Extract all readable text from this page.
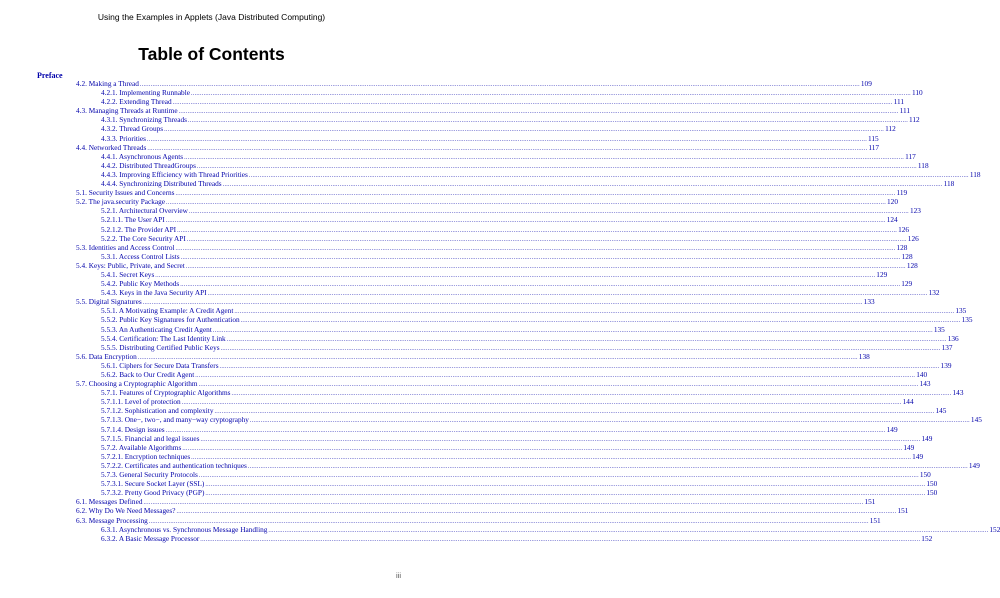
Using the Examples in Applets (Java Distributed Computing)
Table of Contents
Preface
4.2. Making a Thread ................................................................................................................................................................................................................................................................................................................................................................................................................ 109
4.2.1. Implementing Runnable ................................................................................................................................................................................................................................................................................................................................................................................................................ 110
4.2.2. Extending Thread ................................................................................................................................................................................................................................................................................................................................................................................................................ 111
4.3. Managing Threads at Runtime ................................................................................................................................................................................................................................................................................................................................................................................................................ 111
4.3.1. Synchronizing Threads ................................................................................................................................................................................................................................................................................................................................................................................................................ 112
4.3.2. Thread Groups ................................................................................................................................................................................................................................................................................................................................................................................................................ 112
4.3.3. Priorities ................................................................................................................................................................................................................................................................................................................................................................................................................ 115
4.4. Networked Threads ................................................................................................................................................................................................................................................................................................................................................................................................................ 117
4.4.1. Asynchronous Agents ................................................................................................................................................................................................................................................................................................................................................................................................................ 117
4.4.2. Distributed ThreadGroups ................................................................................................................................................................................................................................................................................................................................................................................................................ 118
4.4.3. Improving Efficiency with Thread Priorities ................................................................................................................................................................................................................................................................................................................................................................................................................ 118
4.4.4. Synchronizing Distributed Threads ................................................................................................................................................................................................................................................................................................................................................................................................................ 118
5.1. Security Issues and Concerns ................................................................................................................................................................................................................................................................................................................................................................................................................ 119
5.2. The java.security Package ................................................................................................................................................................................................................................................................................................................................................................................................................ 120
5.2.1. Architectural Overview ................................................................................................................................................................................................................................................................................................................................................................................................................ 123
5.2.1.1. The User API ................................................................................................................................................................................................................................................................................................................................................................................................................ 124
5.2.1.2. The Provider API ................................................................................................................................................................................................................................................................................................................................................................................................................ 126
5.2.2. The Core Security API ................................................................................................................................................................................................................................................................................................................................................................................................................ 126
5.3. Identities and Access Control ................................................................................................................................................................................................................................................................................................................................................................................................................ 128
5.3.1. Access Control Lists ................................................................................................................................................................................................................................................................................................................................................................................................................ 128
5.4. Keys: Public, Private, and Secret ................................................................................................................................................................................................................................................................................................................................................................................................................ 128
5.4.1. Secret Keys ................................................................................................................................................................................................................................................................................................................................................................................................................ 129
5.4.2. Public Key Methods ................................................................................................................................................................................................................................................................................................................................................................................................................ 129
5.4.3. Keys in the Java Security API ................................................................................................................................................................................................................................................................................................................................................................................................................ 132
5.5. Digital Signatures ................................................................................................................................................................................................................................................................................................................................................................................................................ 133
5.5.1. A Motivating Example: A Credit Agent ................................................................................................................................................................................................................................................................................................................................................................................................................ 135
5.5.2. Public Key Signatures for Authentication ................................................................................................................................................................................................................................................................................................................................................................................................................ 135
5.5.3. An Authenticating Credit Agent ................................................................................................................................................................................................................................................................................................................................................................................................................ 135
5.5.4. Certification: The Last Identity Link ................................................................................................................................................................................................................................................................................................................................................................................................................ 136
5.5.5. Distributing Certified Public Keys ................................................................................................................................................................................................................................................................................................................................................................................................................ 137
5.6. Data Encryption ................................................................................................................................................................................................................................................................................................................................................................................................................ 138
5.6.1. Ciphers for Secure Data Transfers ................................................................................................................................................................................................................................................................................................................................................................................................................ 139
5.6.2. Back to Our Credit Agent ................................................................................................................................................................................................................................................................................................................................................................................................................ 140
5.7. Choosing a Cryptographic Algorithm ................................................................................................................................................................................................................................................................................................................................................................................................................ 143
5.7.1. Features of Cryptographic Algorithms ................................................................................................................................................................................................................................................................................................................................................................................................................ 143
5.7.1.1. Level of protection ................................................................................................................................................................................................................................................................................................................................................................................................................ 144
5.7.1.2. Sophistication and complexity ................................................................................................................................................................................................................................................................................................................................................................................................................ 145
5.7.1.3. One−, two−, and many−way cryptography ................................................................................................................................................................................................................................................................................................................................................................................................................ 145
5.7.1.4. Design issues ................................................................................................................................................................................................................................................................................................................................................................................................................ 149
5.7.1.5. Financial and legal issues ................................................................................................................................................................................................................................................................................................................................................................................................................ 149
5.7.2. Available Algorithms ................................................................................................................................................................................................................................................................................................................................................................................................................ 149
5.7.2.1. Encryption techniques ................................................................................................................................................................................................................................................................................................................................................................................................................ 149
5.7.2.2. Certificates and authentication techniques ................................................................................................................................................................................................................................................................................................................................................................................................................ 149
5.7.3. General Security Protocols ................................................................................................................................................................................................................................................................................................................................................................................................................ 150
5.7.3.1. Secure Socket Layer (SSL) ................................................................................................................................................................................................................................................................................................................................................................................................................ 150
5.7.3.2. Pretty Good Privacy (PGP) ................................................................................................................................................................................................................................................................................................................................................................................................................ 150
6.1. Messages Defined ................................................................................................................................................................................................................................................................................................................................................................................................................ 151
6.2. Why Do We Need Messages? ................................................................................................................................................................................................................................................................................................................................................................................................................ 151
6.3. Message Processing ................................................................................................................................................................................................................................................................................................................................................................................................................ 151
6.3.1. Asynchronous vs. Synchronous Message Handling ................................................................................................................................................................................................................................................................................................................................................................................................................ 152
6.3.2. A Basic Message Processor ................................................................................................................................................................................................................................................................................................................................................................................................................ 152
iii
